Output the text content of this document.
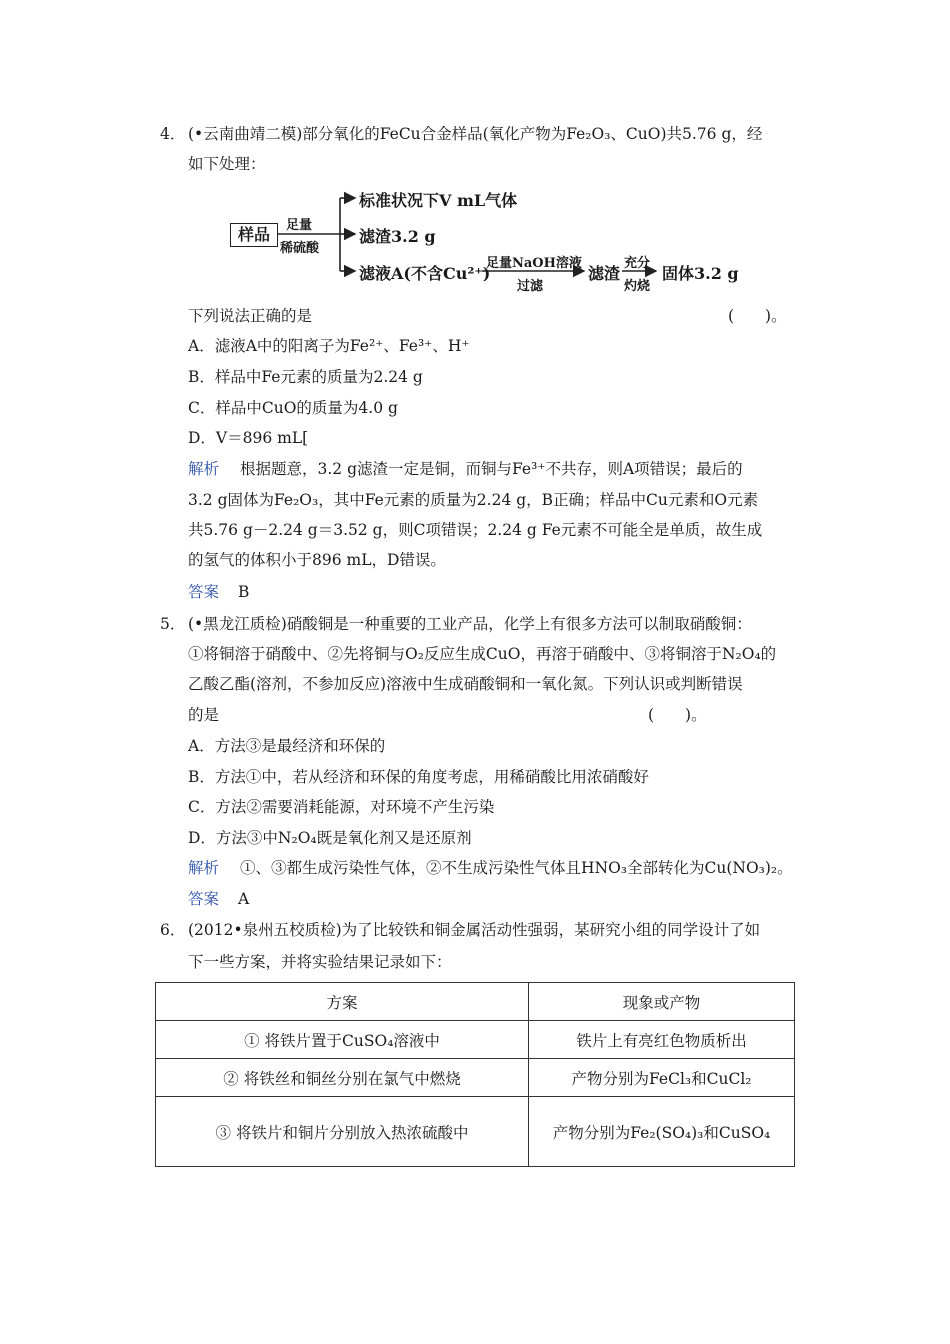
4． (•云南曲靖二模)部分氧化的FeCu合金样品(氧化产物为Fe₂O₃、CuO)共5.76 g，经
如下处理：
样品	足量
稀硫酸
标准状况下V mL气体
滤渣3.2 g
滤液A(不含Cu²⁺)
足量NaOH溶液
过滤
滤渣
充分
灼烧
固体3.2 g
下列说法正确的是	(　　)。
A．滤液A中的阳离子为Fe²⁺、Fe³⁺、H⁺
B．样品中Fe元素的质量为2.24 g
C．样品中CuO的质量为4.0 g
D．V＝896 mL[
解析 根据题意，3.2 g滤渣一定是铜，而铜与Fe³⁺不共存，则A项错误；最后的
3.2 g固体为Fe₂O₃，其中Fe元素的质量为2.24 g，B正确；样品中Cu元素和O元素
共5.76 g－2.24 g＝3.52 g，则C项错误；2.24 g Fe元素不可能全是单质，故生成
的氢气的体积小于896 mL，D错误。
答案 B
5． (•黑龙江质检)硝酸铜是一种重要的工业产品，化学上有很多方法可以制取硝酸铜：
①将铜溶于硝酸中、②先将铜与O₂反应生成CuO，再溶于硝酸中、③将铜溶于N₂O₄的
乙酸乙酯(溶剂，不参加反应)溶液中生成硝酸铜和一氧化氮。下列认识或判断错误
的是	(　　)。
A．方法③是最经济和环保的
B．方法①中，若从经济和环保的角度考虑，用稀硝酸比用浓硝酸好
C．方法②需要消耗能源，对环境不产生污染
D．方法③中N₂O₄既是氧化剂又是还原剂
解析 ①、③都生成污染性气体，②不生成污染性气体且HNO₃全部转化为Cu(NO₃)₂。
答案 A
6． (2012•泉州五校质检)为了比较铁和铜金属活动性强弱，某研究小组的同学设计了如
下一些方案，并将实验结果记录如下：
方案	现象或产物
① 将铁片置于CuSO₄溶液中	铁片上有亮红色物质析出
② 将铁丝和铜丝分别在氯气中燃烧	产物分别为FeCl₃和CuCl₂
③ 将铁片和铜片分别放入热浓硫酸中	产物分别为Fe₂(SO₄)₃和CuSO₄
